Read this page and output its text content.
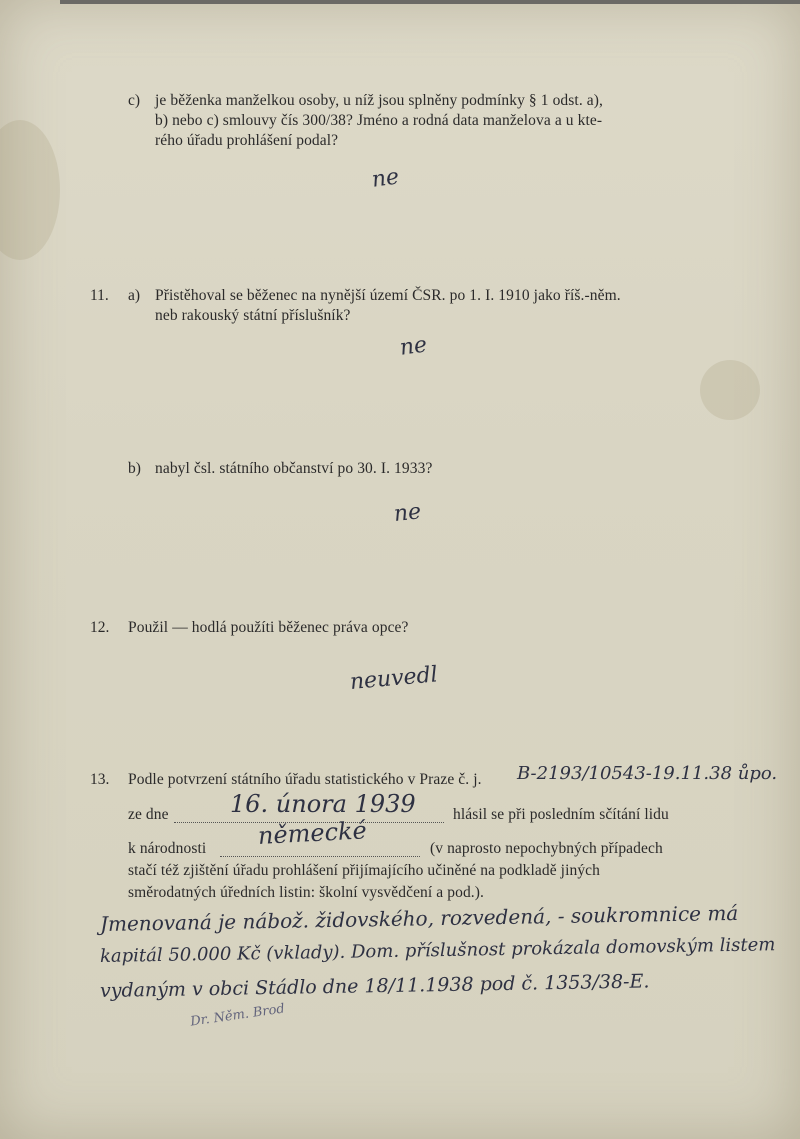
c) je běženka manželkou osoby, u níž jsou splněny podmínky § 1 odst. a),
b) nebo c) smlouvy čís 300/38? Jméno a rodná data manželova a u kte-
rého úřadu prohlášení podal?
ne
11. a) Přistěhoval se běženec na nynější území ČSR. po 1. I. 1910 jako říš.-něm.
neb rakouský státní příslušník?
ne
b) nabyl čsl. státního občanství po 30. I. 1933?
ne
12. Použil — hodlá použíti běženec práva opce?
neuvedl
13. Podle potvrzení státního úřadu statistického v Praze č. j. B-2193/10543-19.11.38 ůpo.
ze dne	16. února 1939 hlásil se při posledním sčítání lidu
k národnosti německé	(v naprosto nepochybných případech
stačí též zjištění úřadu prohlášení přijímajícího učiněné na podkladě jiných
směrodatných úředních listin: školní vysvědčení a pod.).
Jmenovaná je nábož. židovského, rozvedená, - soukromnice má
kapitál 50.000 Kč (vklady). Dom. příslušnost prokázala domovským listem
vydaným v obci Stádlo dne 18/11.1938 pod č. 1353/38-E.
Dr. Něm. Brod
